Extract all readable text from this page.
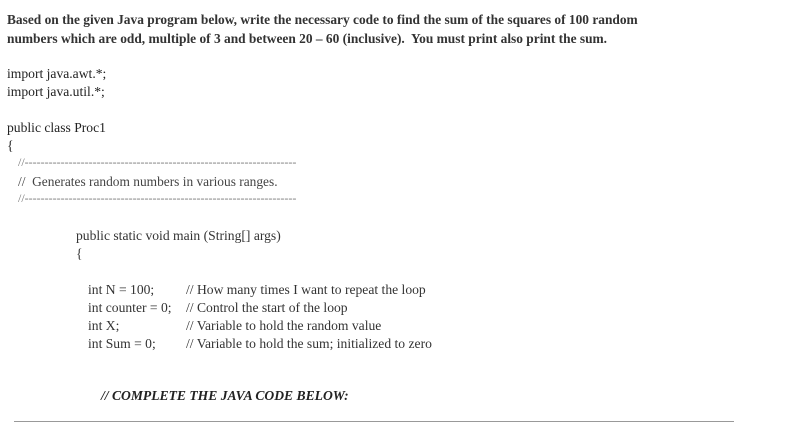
Based on the given Java program below, write the necessary code to find the sum of the squares of 100 random
numbers which are odd, multiple of 3 and between 20 – 60 (inclusive).  You must print also print the sum.
import java.awt.*;
import java.util.*;
public class Proc1
{
//--------------------------------------------------------------------
//  Generates random numbers in various ranges.
//--------------------------------------------------------------------
public static void main (String[] args)
{
int N = 100; // How many times I want to repeat the loop
int counter = 0; // Control the start of the loop
int X;	// Variable to hold the random value
int Sum = 0; // Variable to hold the sum; initialized to zero
// COMPLETE THE JAVA CODE BELOW:
